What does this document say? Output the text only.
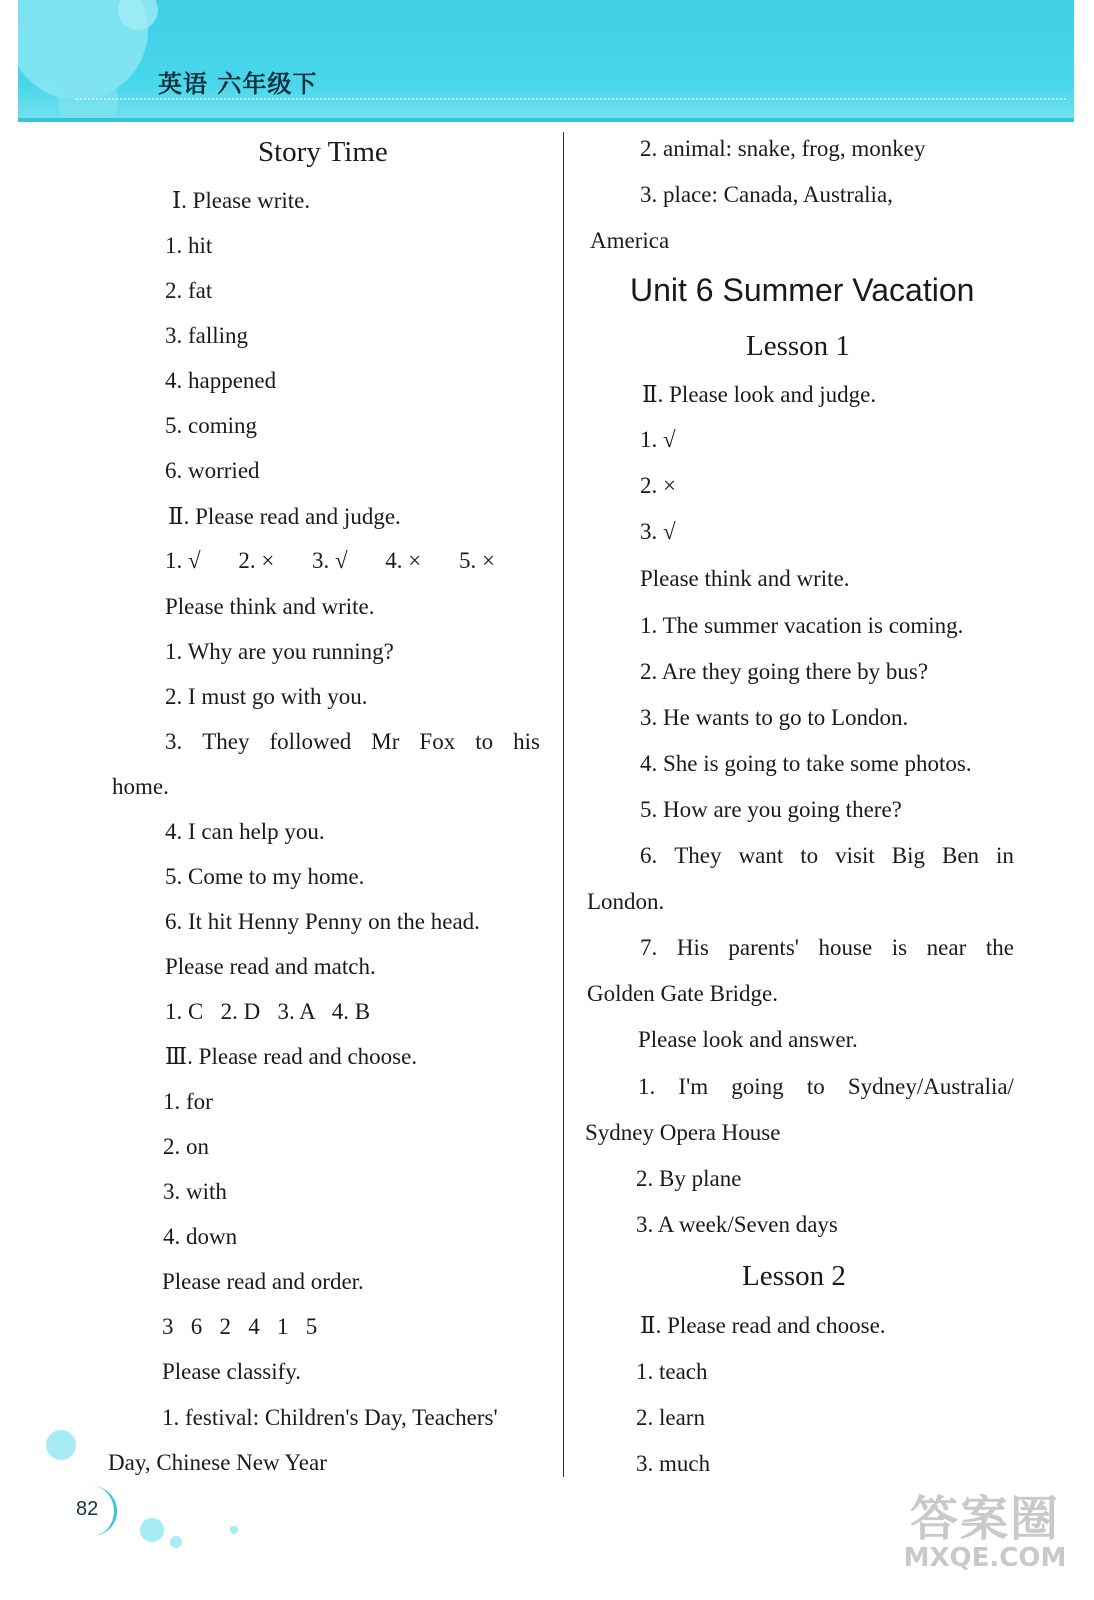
英语 六年级下
Story Time
Ⅰ. Please write.
1. hit
2. fat
3. falling
4. happened
5. coming
6. worried
Ⅱ. Please read and judge.
1. √ 2. × 3. √ 4. × 5. ×
Please think and write.
1. Why are you running?
2. I must go with you.
3. They followed Mr Fox to his
home.
4. I can help you.
5. Come to my home.
6. It hit Henny Penny on the head.
Please read and match.
1. C   2. D   3. A   4. B
Ⅲ. Please read and choose.
1. for
2. on
3. with
4. down
Please read and order.
3   6   2   4   1   5
Please classify.
1. festival: Children's Day, Teachers'
Day, Chinese New Year
2. animal: snake, frog, monkey
3. place: Canada, Australia,
America
Unit 6 Summer Vacation
Lesson 1
Ⅱ. Please look and judge.
1. √
2. ×
3. √
Please think and write.
1. The summer vacation is coming.
2. Are they going there by bus?
3. He wants to go to London.
4. She is going to take some photos.
5. How are you going there?
6. They want to visit Big Ben in
London.
7. His parents' house is near the
Golden Gate Bridge.
Please look and answer.
1. I'm going to Sydney/Australia/
Sydney Opera House
2. By plane
3. A week/Seven days
Lesson 2
Ⅱ. Please read and choose.
1. teach
2. learn
3. much
82	答案圈
MXQE.COM
